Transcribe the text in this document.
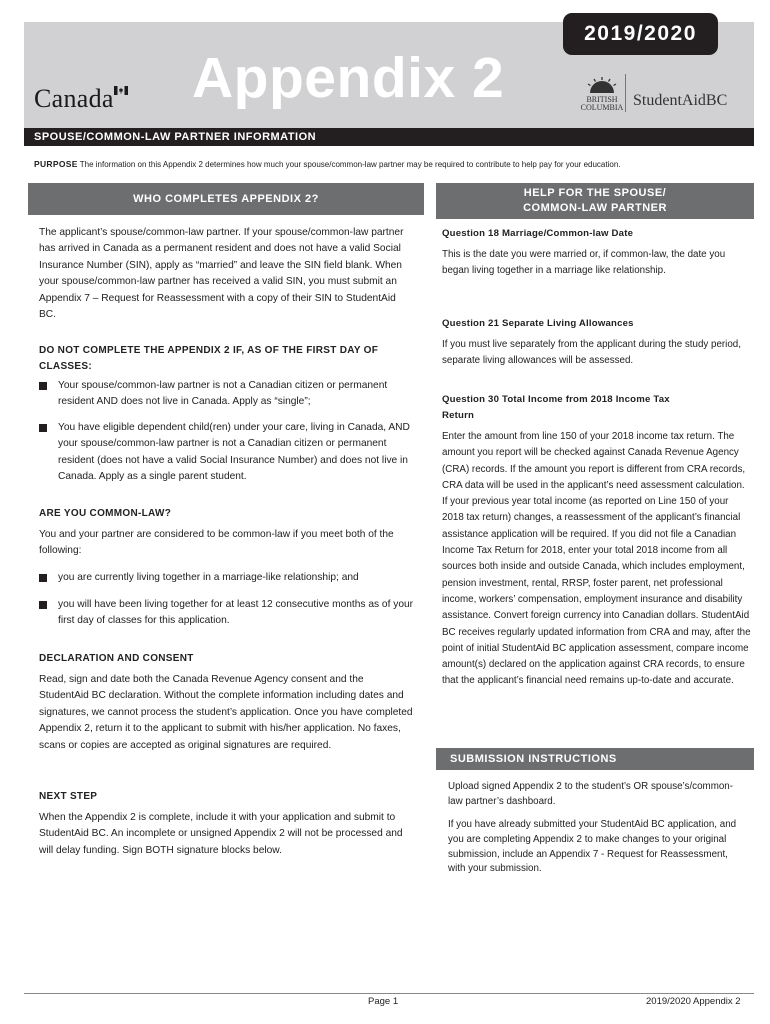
Canada Appendix 2
2019/2020
BRITISH
COLUMBIA StudentAidBC
SPOUSE/COMMON-LAW PARTNER INFORMATION
PURPOSE The information on this Appendix 2 determines how much your spouse/common-law partner may be required to contribute to help pay for your education.
WHO COMPLETES APPENDIX 2?
The applicant’s spouse/common-law partner. If your spouse/common-law partner has arrived in Canada as a permanent resident and does not have a valid Social Insurance Number (SIN), apply as “married” and leave the SIN field blank. When your spouse/common-law partner has received a valid SIN, you must submit an Appendix 7 – Request for Reassessment with a copy of their SIN to StudentAid BC.
DO NOT COMPLETE THE APPENDIX 2 IF, AS OF THE FIRST DAY OF CLASSES:
Your spouse/common-law partner is not a Canadian citizen or permanent resident AND does not live in Canada. Apply as “single”;
You have eligible dependent child(ren) under your care, living in Canada, AND your spouse/common-law partner is not a Canadian citizen or permanent resident (does not have a valid Social Insurance Number) and does not live in Canada. Apply as a single parent student.
ARE YOU COMMON-LAW?
You and your partner are considered to be common-law if you meet both of the following:
you are currently living together in a marriage-like relationship; and
you will have been living together for at least 12 consecutive months as of your first day of classes for this application.
DECLARATION AND CONSENT
Read, sign and date both the Canada Revenue Agency consent and the StudentAid BC declaration. Without the complete information including dates and signatures, we cannot process the student’s application. Once you have completed Appendix 2, return it to the applicant to submit with his/her application. No faxes, scans or copies are accepted as original signatures are required.
NEXT STEP
When the Appendix 2 is complete, include it with your application and submit to StudentAid BC. An incomplete or unsigned Appendix 2 will not be processed and will delay funding. Sign BOTH signature blocks below.
HELP FOR THE SPOUSE/
COMMON-LAW PARTNER
Question 18 Marriage/Common-law Date
This is the date you were married or, if common-law, the date you began living together in a marriage like relationship.
Question 21 Separate Living Allowances
If you must live separately from the applicant during the study period, separate living allowances will be assessed.
Question 30 Total Income from 2018 Income Tax Return
Enter the amount from line 150 of your 2018 income tax return. The amount you report will be checked against Canada Revenue Agency (CRA) records. If the amount you report is different from CRA records, CRA data will be used in the applicant’s need assessment calculation. If your previous year total income (as reported on Line 150 of your 2018 tax return) changes, a reassessment of the applicant’s financial assistance application will be required. If you did not file a Canadian Income Tax Return for 2018, enter your total 2018 income from all sources both inside and outside Canada, which includes employment, pension investment, rental, RRSP, foster parent, net professional income, workers’ compensation, employment insurance and disability assistance. Convert foreign currency into Canadian dollars. StudentAid BC receives regularly updated information from CRA and may, after the point of initial StudentAid BC application assessment, compare income amount(s) declared on the application against CRA records, to ensure that the applicant’s financial need remains up-to-date and accurate.
SUBMISSION INSTRUCTIONS
Upload signed Appendix 2 to the student’s OR spouse’s/common-law partner’s dashboard.
If you have already submitted your StudentAid BC application, and you are completing Appendix 2 to make changes to your original submission, include an Appendix 7 - Request for Reassessment, with your submission.
Page 1	2019/2020 Appendix 2
